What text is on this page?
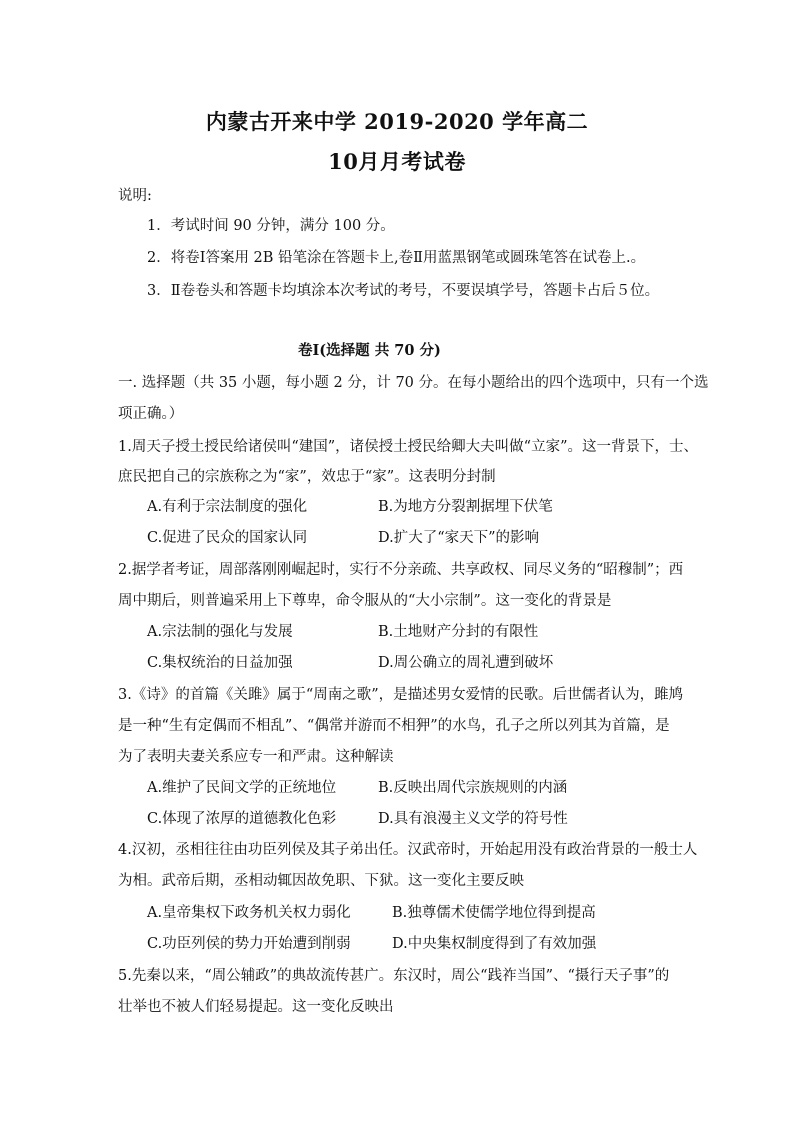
内蒙古开来中学 2019-2020 学年高二
10月月考试卷
说明:
1．考试时间 90 分钟，满分 100 分。
2．将卷Ⅰ答案用 2B 铅笔涂在答题卡上,卷Ⅱ用蓝黑钢笔或圆珠笔答在试卷上.。
3．Ⅱ卷卷头和答题卡均填涂本次考试的考号，不要误填学号，答题卡占后５位。
卷Ⅰ(选择题 共 70 分)
一. 选择题（共 35 小题，每小题 2 分，计 70 分。在每小题给出的四个选项中，只有一个选
项正确。）
1.周天子授土授民给诸侯叫“建国”，诸侯授土授民给卿大夫叫做“立家”。这一背景下，士、
庶民把自己的宗族称之为“家”，效忠于“家”。这表明分封制
A.有利于宗法制度的强化	B.为地方分裂割据埋下伏笔
C.促进了民众的国家认同	D.扩大了“家天下”的影响
2.据学者考证，周部落刚刚崛起时，实行不分亲疏、共享政权、同尽义务的“昭穆制”；西
周中期后，则普遍采用上下尊卑，命令服从的“大小宗制”。这一变化的背景是
A.宗法制的强化与发展	B.土地财产分封的有限性
C.集权统治的日益加强	D.周公确立的周礼遭到破坏
3.《诗》的首篇《关雎》属于“周南之歌”，是描述男女爱情的民歌。后世儒者认为，雎鸠
是一种“生有定偶而不相乱”、“偶常并游而不相狎”的水鸟，孔子之所以列其为首篇，是
为了表明夫妻关系应专一和严肃。这种解读
A.维护了民间文学的正统地位	B.反映出周代宗族规则的内涵
C.体现了浓厚的道德教化色彩	D.具有浪漫主义文学的符号性
4.汉初，丞相往往由功臣列侯及其子弟出任。汉武帝时，开始起用没有政治背景的一般士人
为相。武帝后期，丞相动辄因故免职、下狱。这一变化主要反映
A.皇帝集权下政务机关权力弱化	B.独尊儒术使儒学地位得到提高
C.功臣列侯的势力开始遭到削弱	D.中央集权制度得到了有效加强
5.先秦以来，“周公辅政”的典故流传甚广。东汉时，周公“践祚当国”、“摄行天子事”的
壮举也不被人们轻易提起。这一变化反映出
